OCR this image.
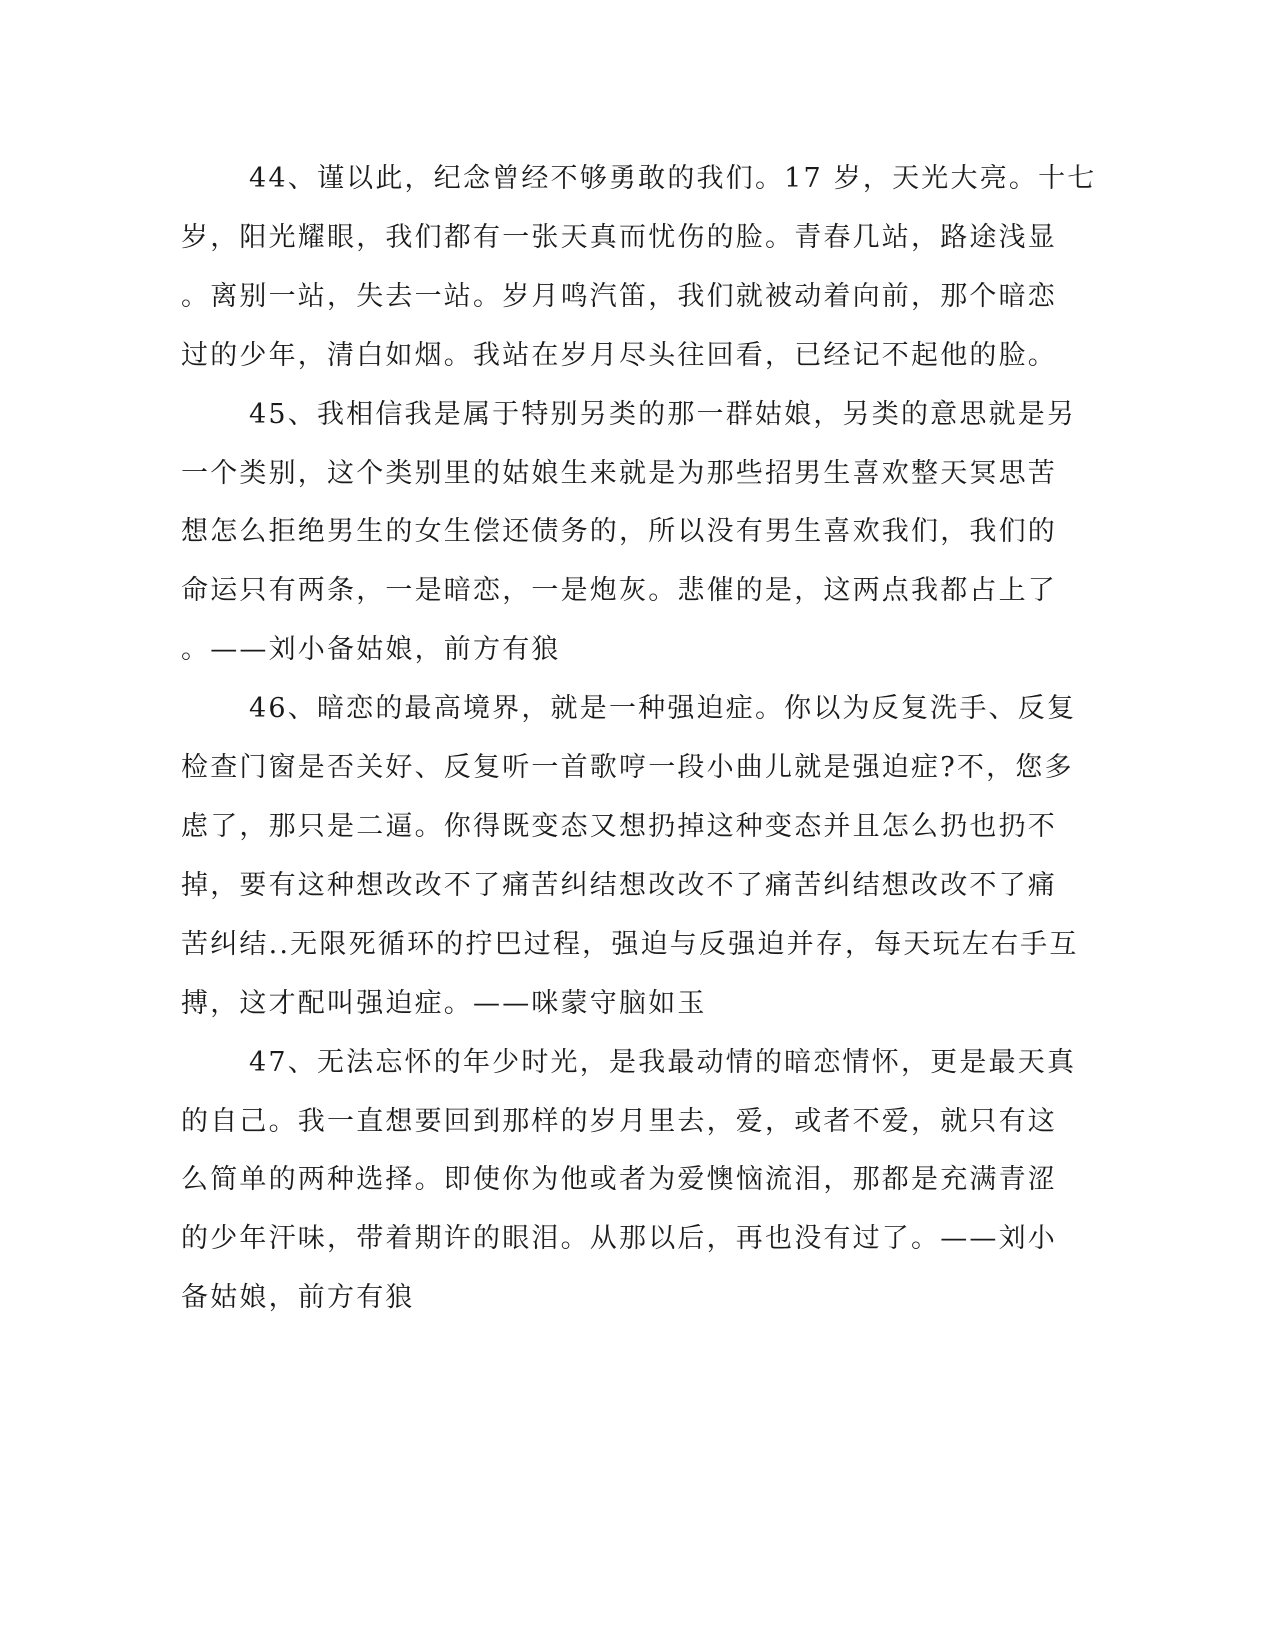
44、谨以此，纪念曾经不够勇敢的我们。17 岁，天光大亮。十七
岁，阳光耀眼，我们都有一张天真而忧伤的脸。青春几站，路途浅显
。离别一站，失去一站。岁月鸣汽笛，我们就被动着向前，那个暗恋
过的少年，清白如烟。我站在岁月尽头往回看，已经记不起他的脸。

45、我相信我是属于特别另类的那一群姑娘，另类的意思就是另
一个类别，这个类别里的姑娘生来就是为那些招男生喜欢整天冥思苦
想怎么拒绝男生的女生偿还债务的，所以没有男生喜欢我们，我们的
命运只有两条，一是暗恋，一是炮灰。悲催的是，这两点我都占上了
。——刘小备姑娘，前方有狼

46、暗恋的最高境界，就是一种强迫症。你以为反复洗手、反复
检查门窗是否关好、反复听一首歌哼一段小曲儿就是强迫症?不，您多
虑了，那只是二逼。你得既变态又想扔掉这种变态并且怎么扔也扔不
掉，要有这种想改改不了痛苦纠结想改改不了痛苦纠结想改改不了痛
苦纠结..无限死循环的拧巴过程，强迫与反强迫并存，每天玩左右手互
搏，这才配叫强迫症。——咪蒙守脑如玉

47、无法忘怀的年少时光，是我最动情的暗恋情怀，更是最天真
的自己。我一直想要回到那样的岁月里去，爱，或者不爱，就只有这
么简单的两种选择。即使你为他或者为爱懊恼流泪，那都是充满青涩
的少年汗味，带着期许的眼泪。从那以后，再也没有过了。——刘小
备姑娘，前方有狼
